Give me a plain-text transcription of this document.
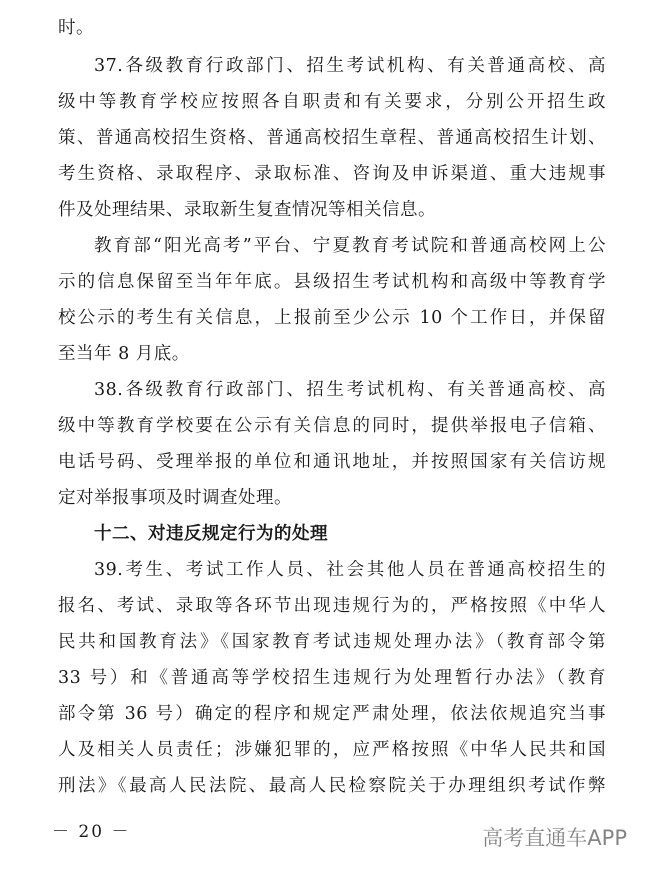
时。
37.各级教育行政部门、招生考试机构、有关普通高校、高
级中等教育学校应按照各自职责和有关要求，分别公开招生政
策、普通高校招生资格、普通高校招生章程、普通高校招生计划、
考生资格、录取程序、录取标准、咨询及申诉渠道、重大违规事
件及处理结果、录取新生复查情况等相关信息。
教育部“阳光高考”平台、宁夏教育考试院和普通高校网上公
示的信息保留至当年年底。县级招生考试机构和高级中等教育学
校公示的考生有关信息，上报前至少公示 10 个工作日，并保留
至当年 8 月底。
38.各级教育行政部门、招生考试机构、有关普通高校、高
级中等教育学校要在公示有关信息的同时，提供举报电子信箱、
电话号码、受理举报的单位和通讯地址，并按照国家有关信访规
定对举报事项及时调查处理。
十二、对违反规定行为的处理
39.考生、考试工作人员、社会其他人员在普通高校招生的
报名、考试、录取等各环节出现违规行为的，严格按照《中华人
民共和国教育法》《国家教育考试违规处理办法》（教育部令第
33 号）和《普通高等学校招生违规行为处理暂行办法》（教育
部令第 36 号）确定的程序和规定严肃处理，依法依规追究当事
人及相关人员责任；涉嫌犯罪的，应严格按照《中华人民共和国
刑法》《最高人民法院、最高人民检察院关于办理组织考试作弊
－ 20 －	高考直通车APP
